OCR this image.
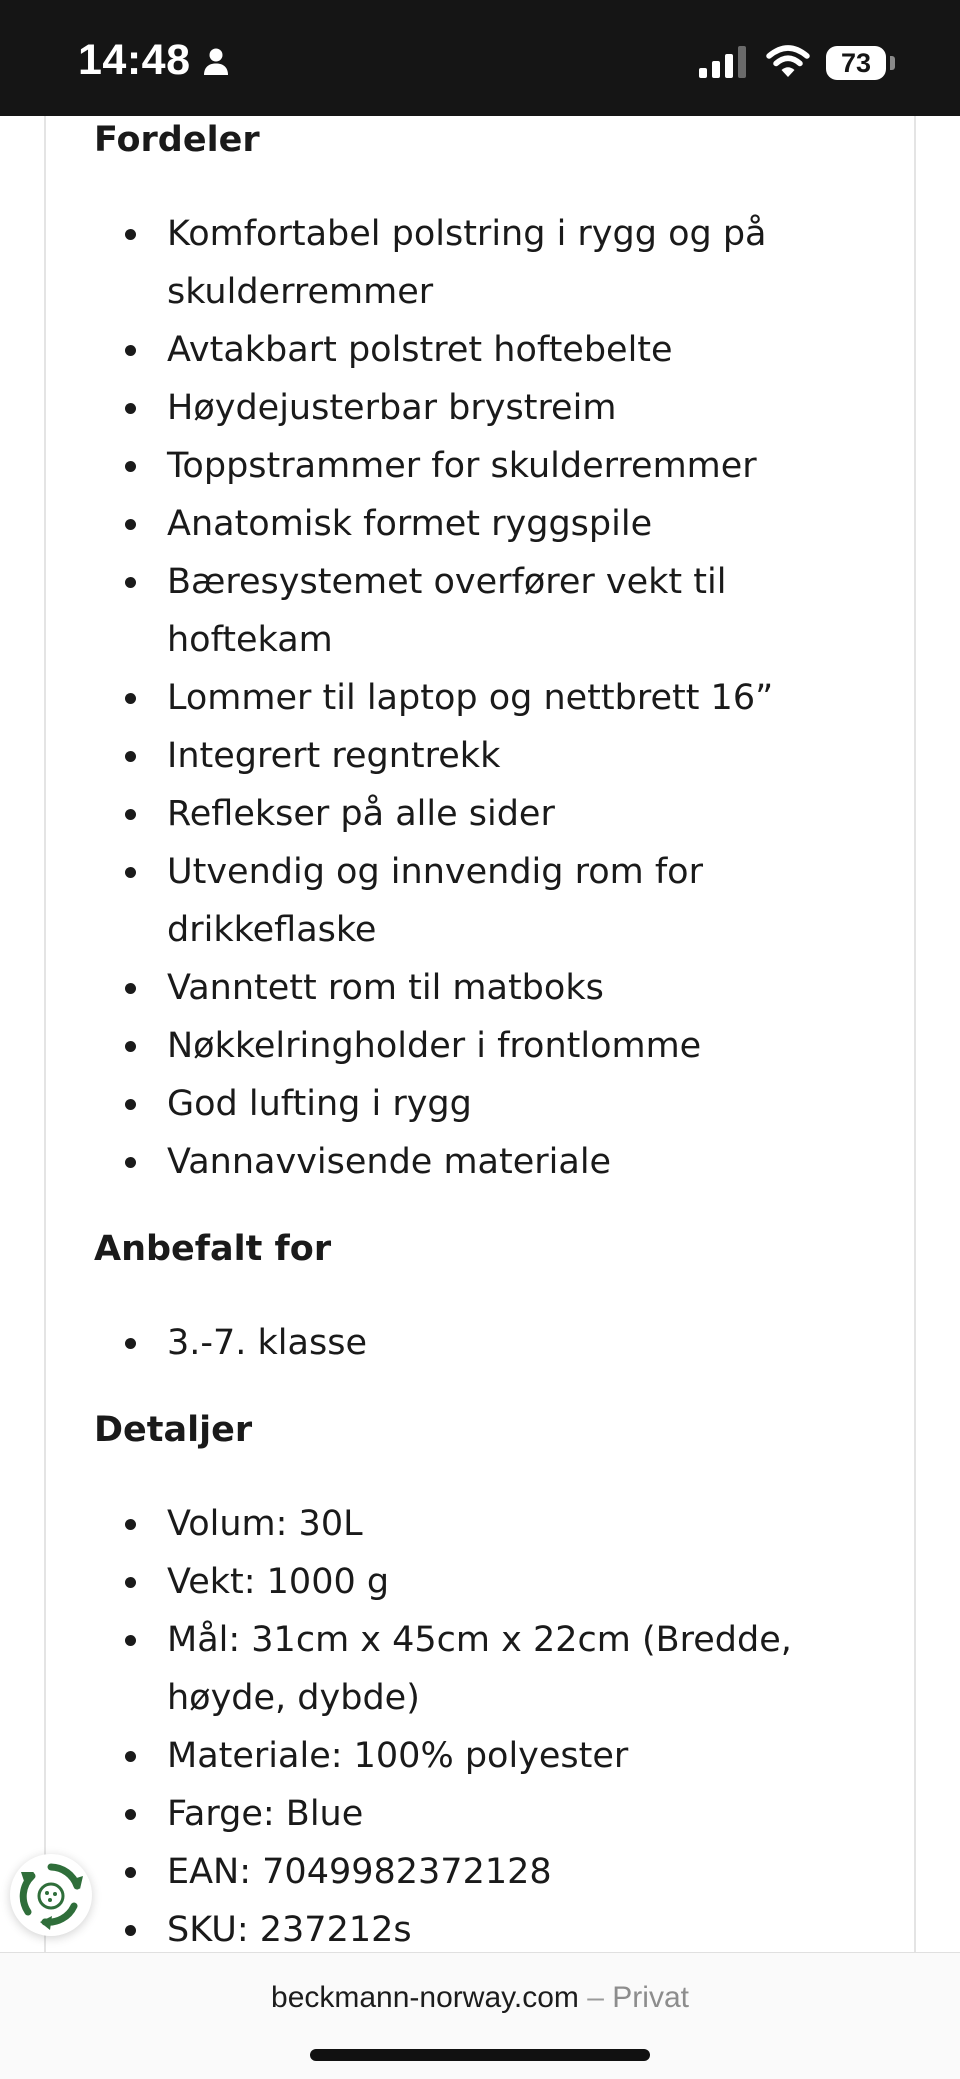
14:48	73
Fordeler
Komfortabel polstring i rygg og på skulderremmer
Avtakbart polstret hoftebelte
Høydejusterbar brystreim
Toppstrammer for skulderremmer
Anatomisk formet ryggspile
Bæresystemet overfører vekt til hoftekam
Lommer til laptop og nettbrett 16”
Integrert regntrekk
Reflekser på alle sider
Utvendig og innvendig rom for drikkeflaske
Vanntett rom til matboks
Nøkkelringholder i frontlomme
God lufting i rygg
Vannavvisende materiale
Anbefalt for
3.-7. klasse
Detaljer
Volum: 30L
Vekt: 1000 g
Mål: 31cm x 45cm x 22cm (Bredde, høyde, dybde)
Materiale: 100% polyester
Farge: Blue
EAN: 7049982372128
SKU: 237212s
beckmann-norway.com – Privat
